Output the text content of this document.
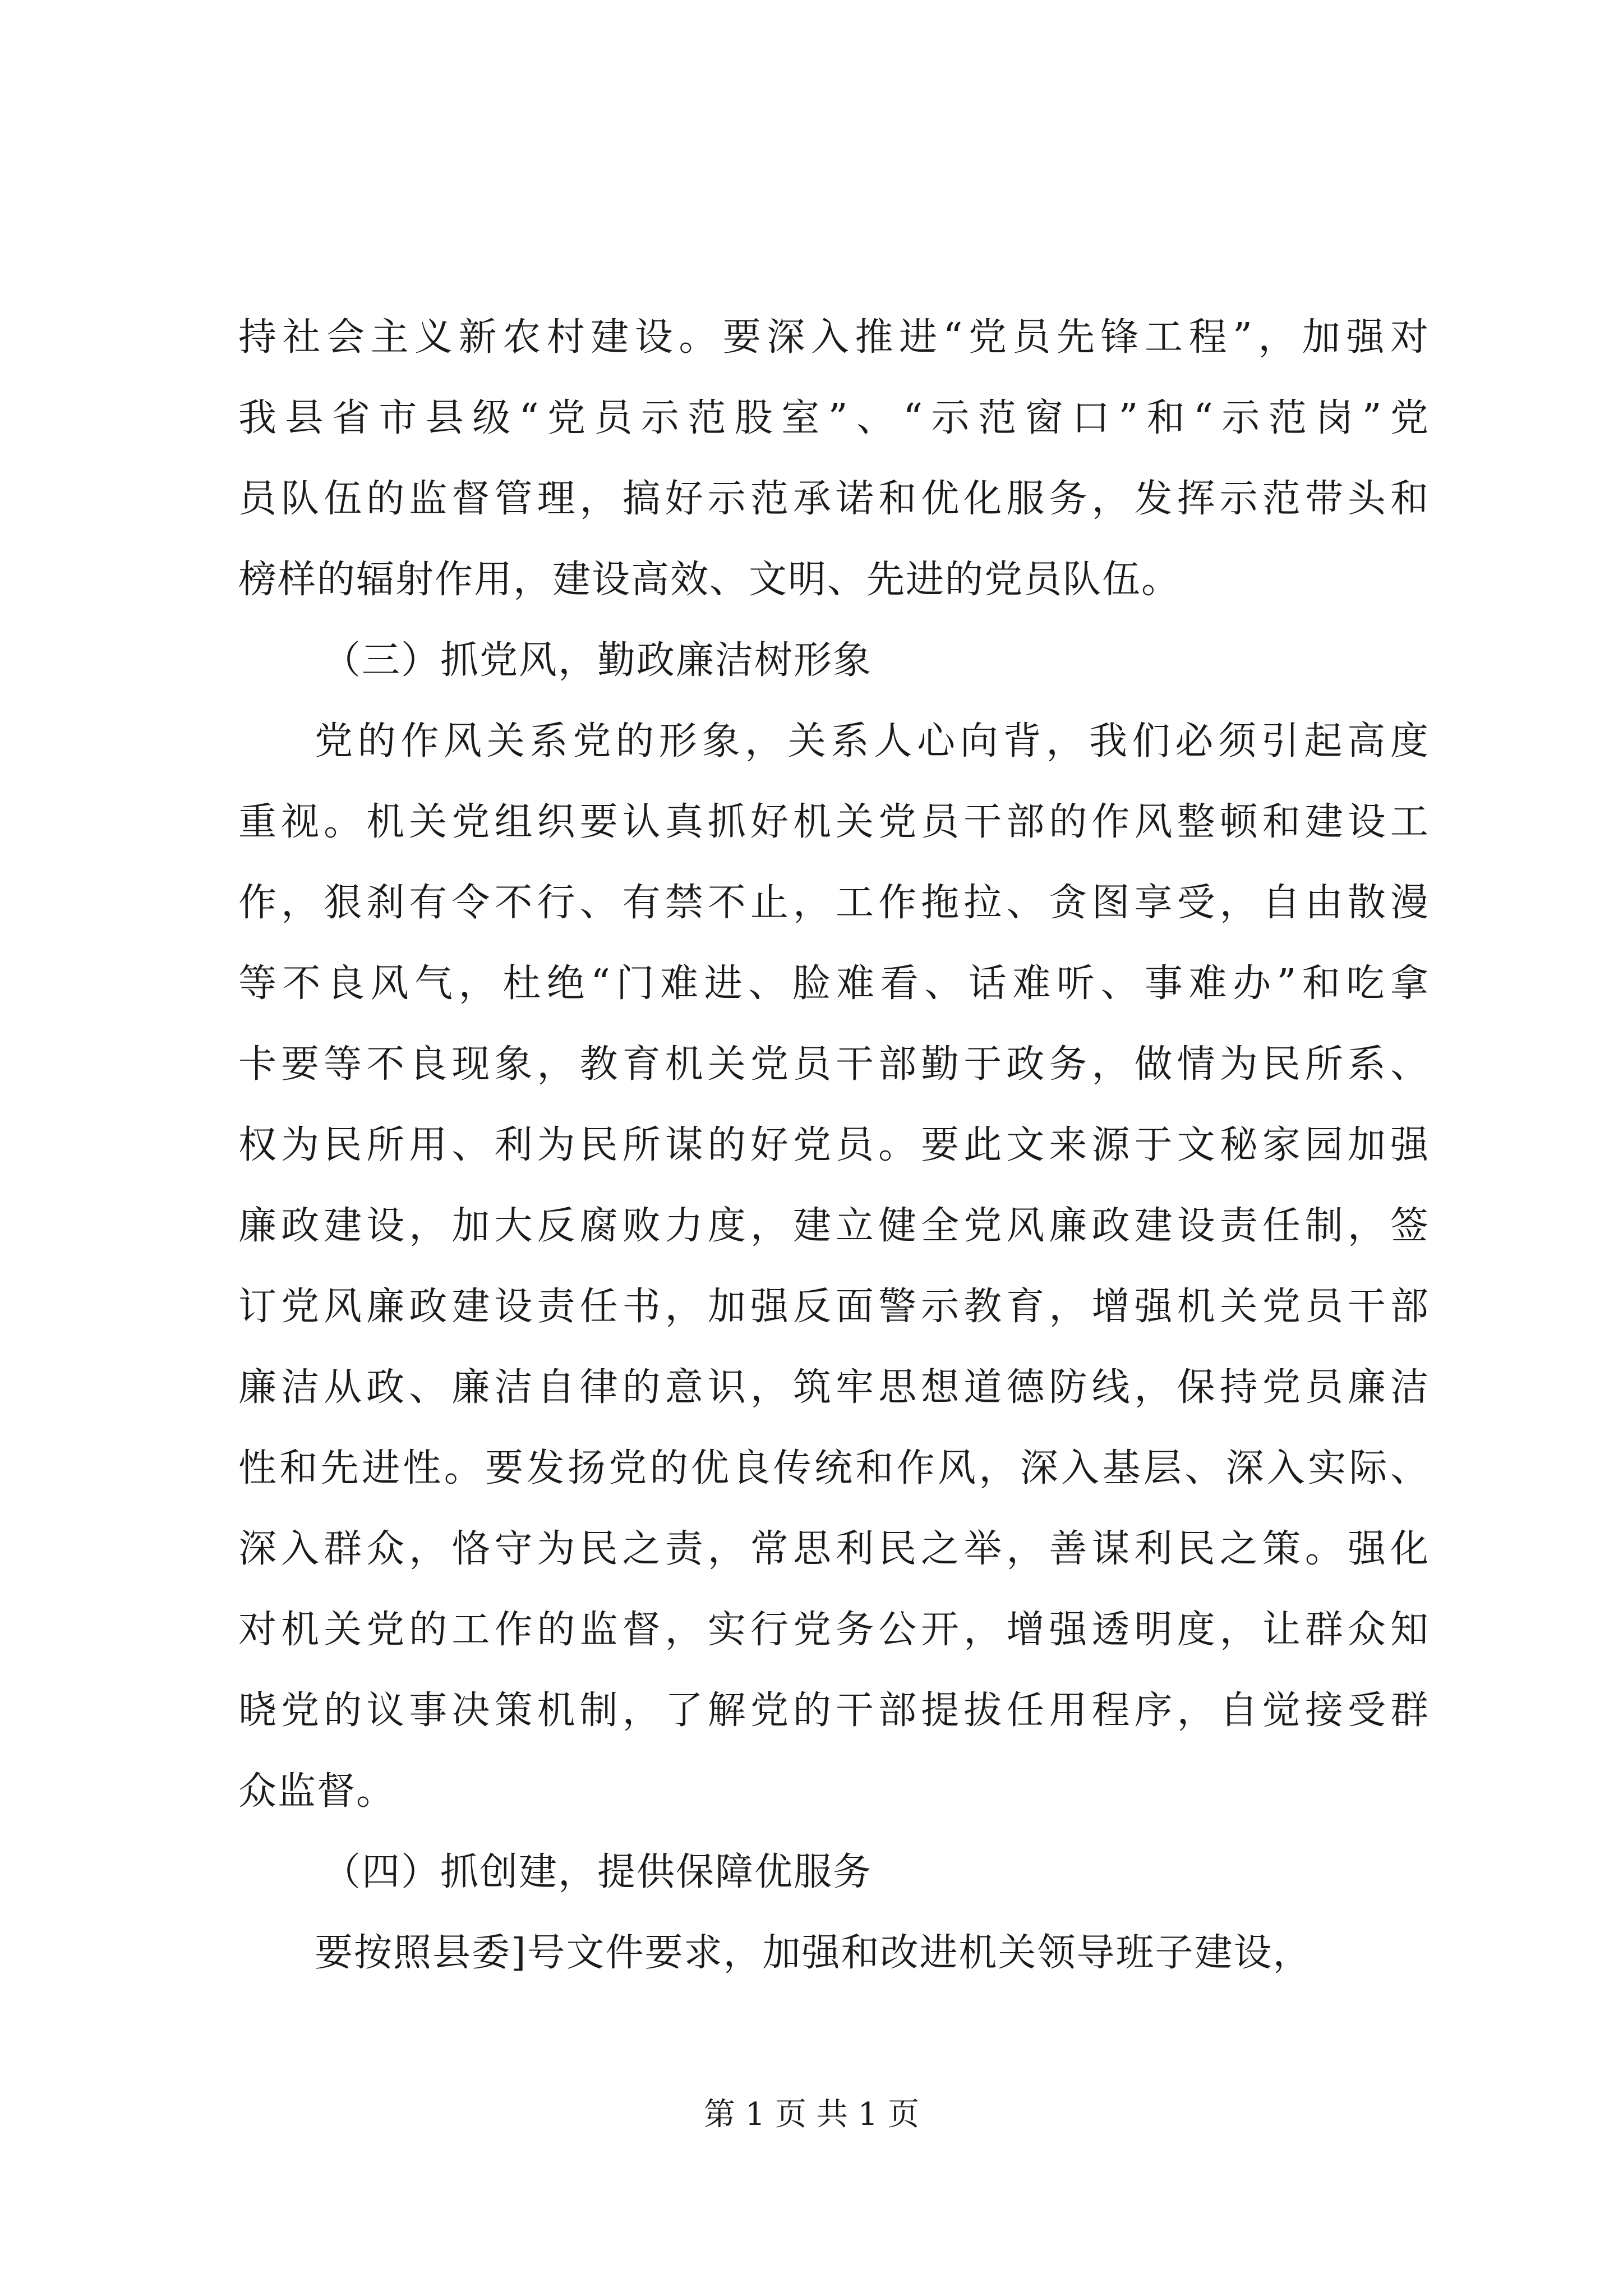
持社会主义新农村建设。要深入推进“党员先锋工程”，加强对
我县省市县级“党员示范股室”、“示范窗口”和“示范岗”党
员队伍的监督管理，搞好示范承诺和优化服务，发挥示范带头和
榜样的辐射作用，建设高效、文明、先进的党员队伍。
（三）抓党风，勤政廉洁树形象
党的作风关系党的形象，关系人心向背，我们必须引起高度
重视。机关党组织要认真抓好机关党员干部的作风整顿和建设工
作，狠刹有令不行、有禁不止，工作拖拉、贪图享受，自由散漫
等不良风气，杜绝“门难进、脸难看、话难听、事难办”和吃拿
卡要等不良现象，教育机关党员干部勤于政务，做情为民所系、
权为民所用、利为民所谋的好党员。要此文来源于文秘家园加强
廉政建设，加大反腐败力度，建立健全党风廉政建设责任制，签
订党风廉政建设责任书，加强反面警示教育，增强机关党员干部
廉洁从政、廉洁自律的意识，筑牢思想道德防线，保持党员廉洁
性和先进性。要发扬党的优良传统和作风，深入基层、深入实际、
深入群众，恪守为民之责，常思利民之举，善谋利民之策。强化
对机关党的工作的监督，实行党务公开，增强透明度，让群众知
晓党的议事决策机制，了解党的干部提拔任用程序，自觉接受群
众监督。
（四）抓创建，提供保障优服务
要按照县委]号文件要求，加强和改进机关领导班子建设，
第 1 页 共 1 页
